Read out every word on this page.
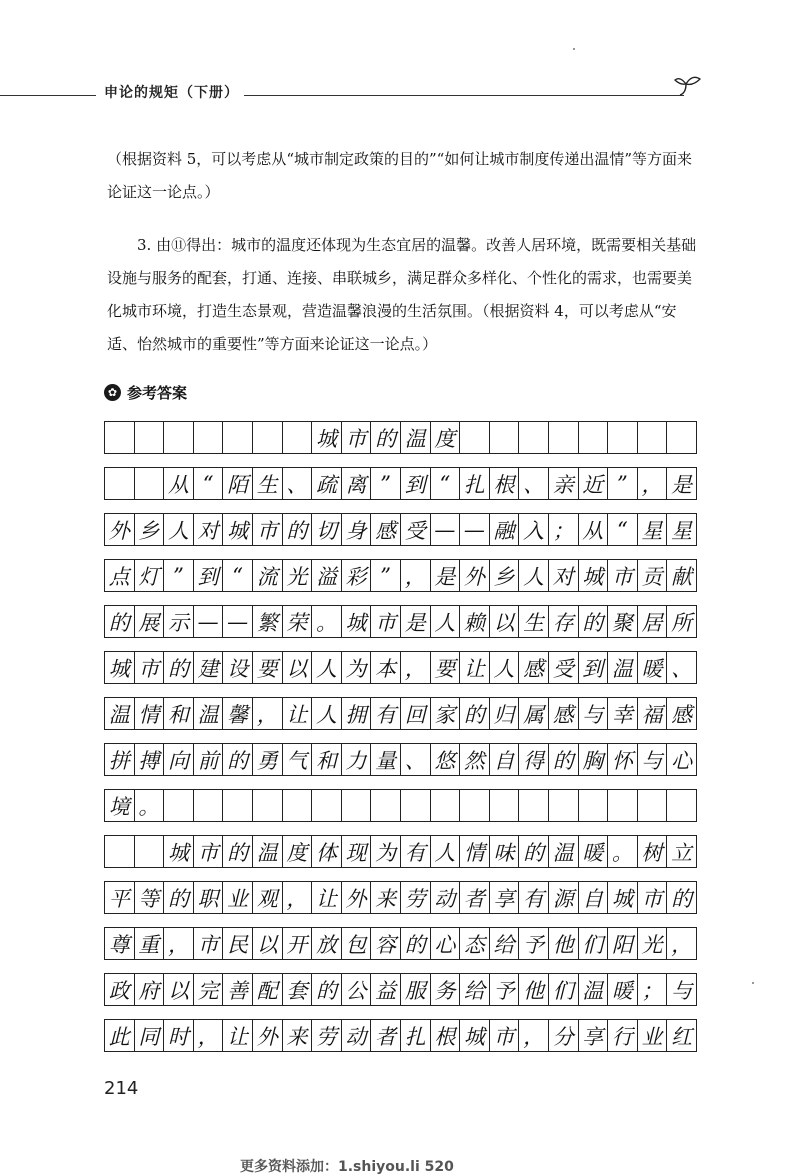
申论的规矩（下册）
（根据资料 5，可以考虑从“城市制定政策的目的”“如何让城市制度传递出温情”等方面来论证这一论点。）
3. 由⑪得出：城市的温度还体现为生态宜居的温馨。改善人居环境，既需要相关基础设施与服务的配套，打通、连接、串联城乡，满足群众多样化、个性化的需求，也需要美化城市环境，打造生态景观，营造温馨浪漫的生活氛围。（根据资料 4，可以考虑从“安适、怡然城市的重要性”等方面来论证这一论点。）
✿ 参考答案
城 市 的 温 度
从 “ 陌 生 、 疏 离 ” 到 “ 扎 根 、 亲 近 ” ， 是
外 乡 人 对 城 市 的 切 身 感 受 — — 融 入 ； 从 “ 星 星
点 灯 ” 到 “ 流 光 溢 彩 ” ， 是 外 乡 人 对 城 市 贡 献
的 展 示 — — 繁 荣 。 城 市 是 人 赖 以 生 存 的 聚 居 所
城 市 的 建 设 要 以 人 为 本 ， 要 让 人 感 受 到 温 暖 、
温 情 和 温 馨 ， 让 人 拥 有 回 家 的 归 属 感 与 幸 福 感
拼 搏 向 前 的 勇 气 和 力 量 、 悠 然 自 得 的 胸 怀 与 心
境 。
城 市 的 温 度 体 现 为 有 人 情 味 的 温 暖 。 树 立
平 等 的 职 业 观 ， 让 外 来 劳 动 者 享 有 源 自 城 市 的
尊 重 ， 市 民 以 开 放 包 容 的 心 态 给 予 他 们 阳 光 ，
政 府 以 完 善 配 套 的 公 益 服 务 给 予 他 们 温 暖 ； 与
此 同 时 ， 让 外 来 劳 动 者 扎 根 城 市 ， 分 享 行 业 红
214
更多资料添加：1.shiyou.li 520
